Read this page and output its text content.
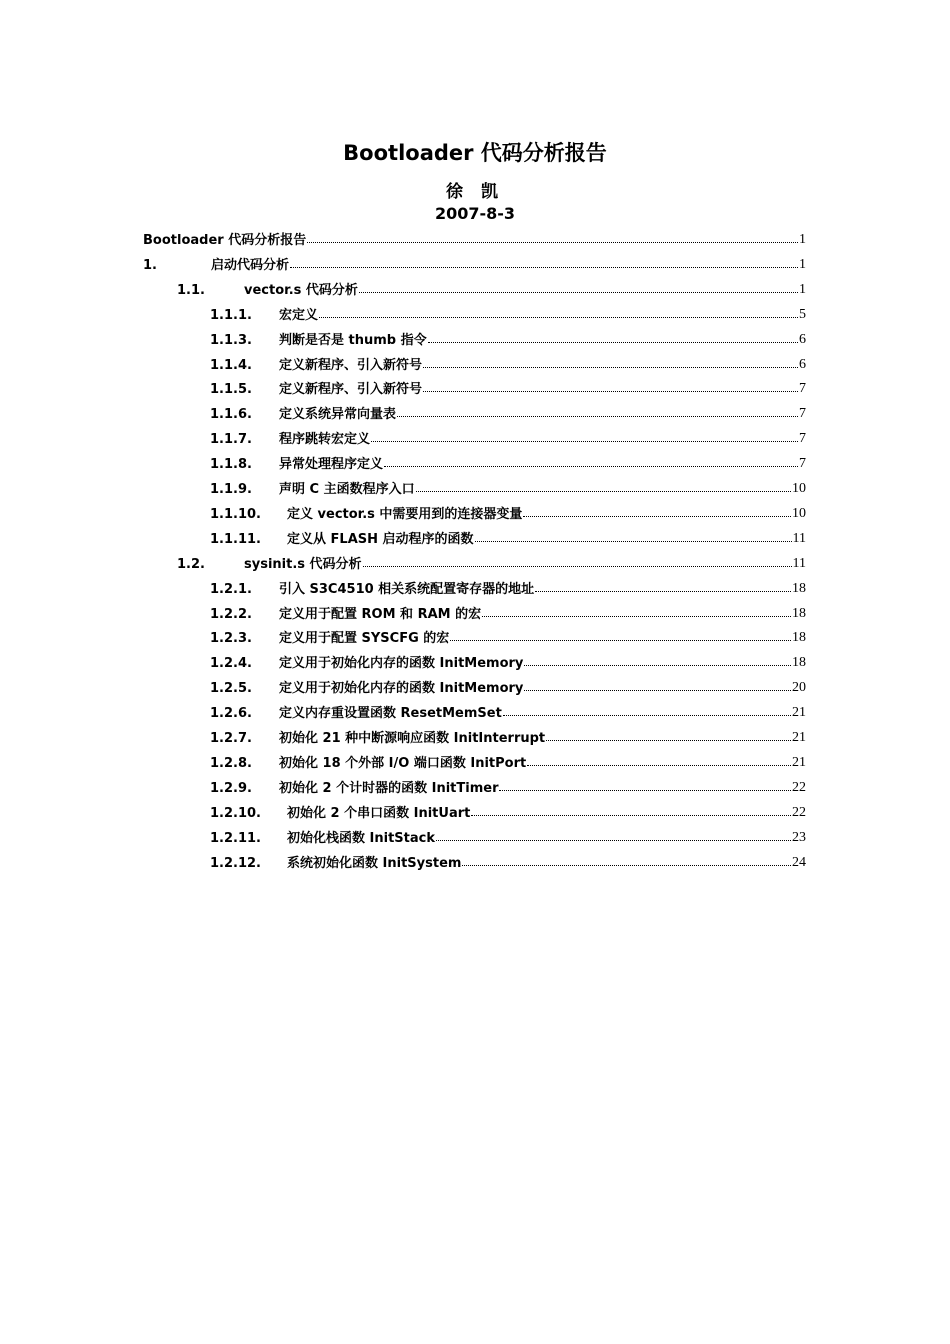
Bootloader 代码分析报告
徐 凯
2007-8-3
Bootloader 代码分析报告	1
1.	启动代码分析	1
1.1.	vector.s 代码分析	1
1.1.1.	宏定义	5
1.1.3.	判断是否是 thumb 指令	6
1.1.4.	定义新程序、引入新符号	6
1.1.5.	定义新程序、引入新符号	7
1.1.6.	定义系统异常向量表	7
1.1.7.	程序跳转宏定义	7
1.1.8.	异常处理程序定义	7
1.1.9.	声明 C 主函数程序入口	10
1.1.10.	定义 vector.s 中需要用到的连接器变量	10
1.1.11.	定义从 FLASH 启动程序的函数	11
1.2.	sysinit.s 代码分析	11
1.2.1.	引入 S3C4510 相关系统配置寄存器的地址	18
1.2.2.	定义用于配置 ROM 和 RAM 的宏	18
1.2.3.	定义用于配置 SYSCFG 的宏	18
1.2.4.	定义用于初始化内存的函数 InitMemory	18
1.2.5.	定义用于初始化内存的函数 InitMemory	20
1.2.6.	定义内存重设置函数 ResetMemSet	21
1.2.7.	初始化 21 种中断源响应函数 InitInterrupt	21
1.2.8.	初始化 18 个外部 I/O 端口函数 InitPort	21
1.2.9.	初始化 2 个计时器的函数 InitTimer	22
1.2.10.	初始化 2 个串口函数 InitUart	22
1.2.11.	初始化栈函数 InitStack	23
1.2.12.	系统初始化函数 InitSystem	24
